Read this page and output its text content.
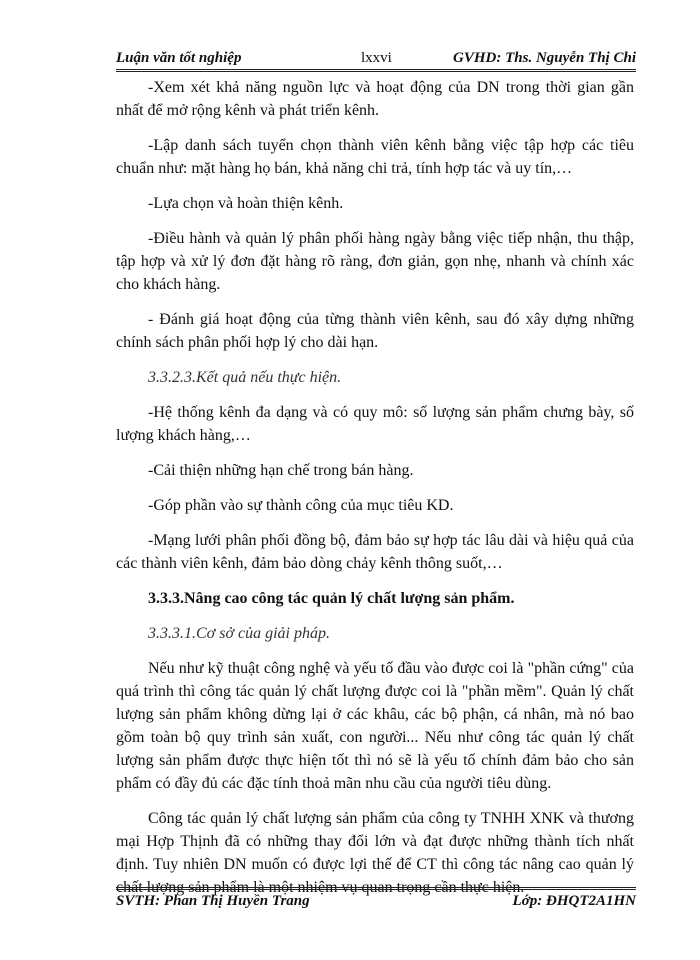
Luận văn tốt nghiệp	lxxvi	GVHD: Ths. Nguyễn Thị Chi

-Xem xét khả năng nguồn lực và hoạt động của DN trong thời gian gần nhất để mở rộng kênh và phát triển kênh.

-Lập danh sách tuyển chọn thành viên kênh bằng việc tập hợp các tiêu chuẩn như: mặt hàng họ bán, khả năng chi trả, tính hợp tác và uy tín,…

-Lựa chọn và hoàn thiện kênh.

-Điều hành và quản lý phân phối hàng ngày bằng việc tiếp nhận, thu thập, tập hợp và xử lý đơn đặt hàng rõ ràng, đơn giản, gọn nhẹ, nhanh và chính xác cho khách hàng.

- Đánh giá hoạt động của từng thành viên kênh, sau đó xây dựng những chính sách phân phối hợp lý cho dài hạn.

3.3.2.3.Kết quả nếu thực hiện.

-Hệ thống kênh đa dạng và có quy mô: số lượng sản phẩm chưng bày, số lượng khách hàng,…

-Cải thiện những hạn chế trong bán hàng.

-Góp phần vào sự thành công của mục tiêu KD.

-Mạng lưới phân phối đồng bộ, đảm bảo sự hợp tác lâu dài và hiệu quả của các thành viên kênh, đảm bảo dòng chảy kênh thông suốt,…

3.3.3.Nâng cao công tác quản lý chất lượng sản phẩm.

3.3.3.1.Cơ sở của giải pháp.

Nếu như kỹ thuật công nghệ và yếu tố đầu vào được coi là "phần cứng" của quá trình thì công tác quản lý chất lượng được coi là "phần mềm". Quản lý chất lượng sản phẩm không dừng lại ở các khâu, các bộ phận, cá nhân, mà nó bao gồm toàn bộ quy trình sản xuất, con người... Nếu như công tác quản lý chất lượng sản phẩm được thực hiện tốt thì nó sẽ là yếu tố chính đảm bảo cho sản phẩm có đầy đủ các đặc tính thoả mãn nhu cầu của người tiêu dùng.

Công tác quản lý chất lượng sản phẩm của công ty TNHH XNK và thương mại Hợp Thịnh đã có những thay đổi lớn và đạt được những thành tích nhất định. Tuy nhiên DN muốn có được lợi thế để CT thì công tác nâng cao quản lý chất lượng sản phẩm là một nhiệm vụ quan trọng cần thực hiện.

SVTH: Phan Thị Huyền Trang	Lớp: ĐHQT2A1HN
